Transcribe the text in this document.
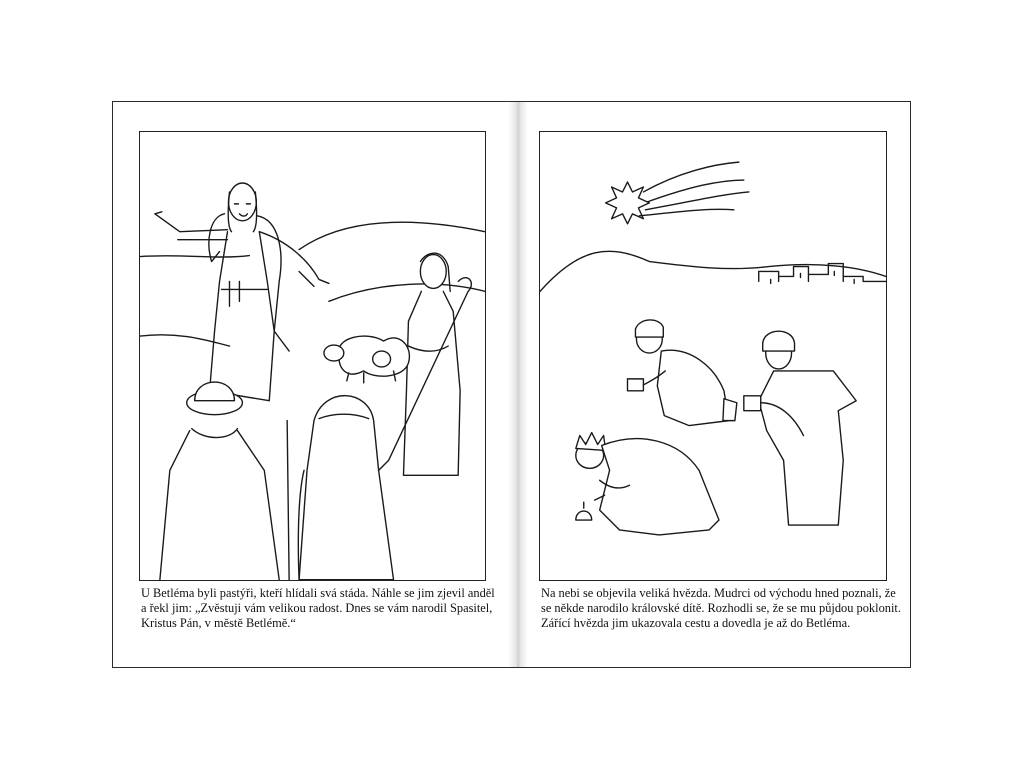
U Betléma byli pastýři, kteří hlídali svá stáda. Náhle se jim zjevil anděl
a řekl jim: „Zvěstuji vám velikou radost. Dnes se vám narodil Spasitel,
Kristus Pán, v městě Betlémě.“
Na nebi se objevila veliká hvězda. Mudrci od východu hned poznali, že
se někde narodilo královské dítě. Rozhodli se, že se mu půjdou poklonit.
Zářící hvězda jim ukazovala cestu a dovedla je až do Betléma.
